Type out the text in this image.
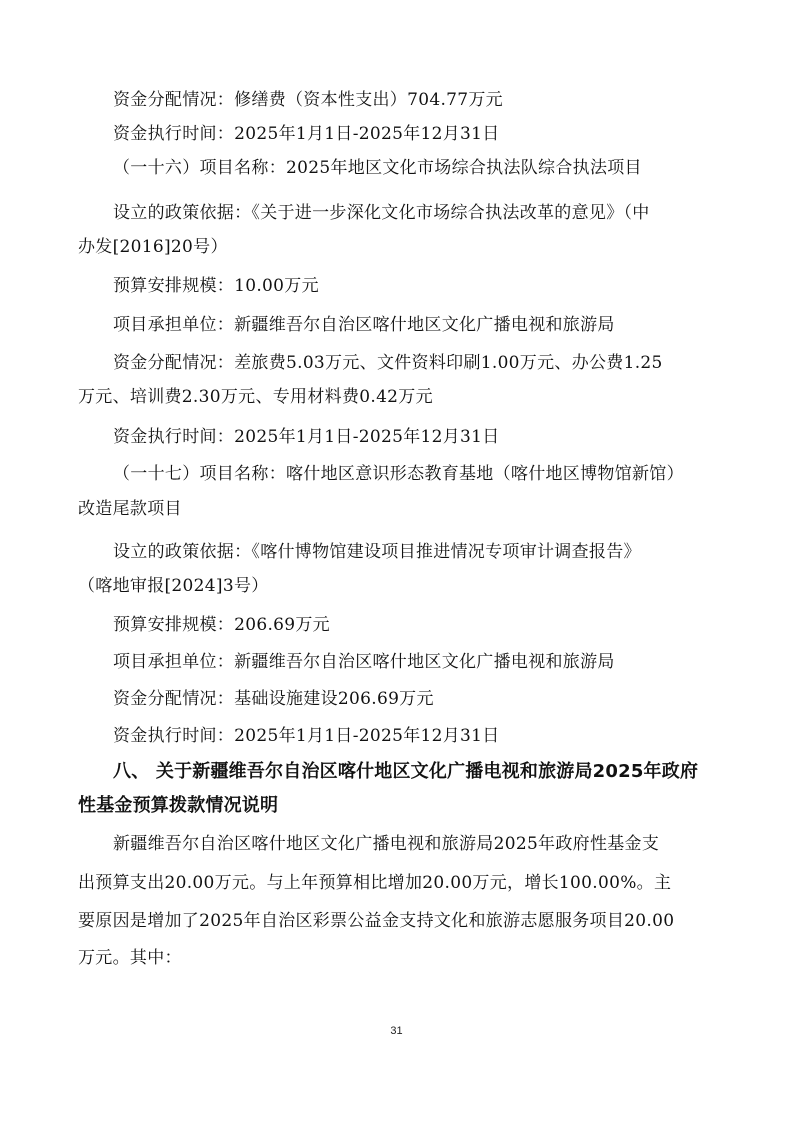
资金分配情况：修缮费（资本性支出）704.77万元
资金执行时间：2025年1月1日-2025年12月31日
（一十六）项目名称：2025年地区文化市场综合执法队综合执法项目
设立的政策依据：《关于进一步深化文化市场综合执法改革的意见》（中
办发[2016]20号）
预算安排规模：10.00万元
项目承担单位：新疆维吾尔自治区喀什地区文化广播电视和旅游局
资金分配情况：差旅费5.03万元、文件资料印刷1.00万元、办公费1.25
万元、培训费2.30万元、专用材料费0.42万元
资金执行时间：2025年1月1日-2025年12月31日
（一十七）项目名称：喀什地区意识形态教育基地（喀什地区博物馆新馆）
改造尾款项目
设立的政策依据：《喀什博物馆建设项目推进情况专项审计调查报告》
（喀地审报[2024]3号）
预算安排规模：206.69万元
项目承担单位：新疆维吾尔自治区喀什地区文化广播电视和旅游局
资金分配情况：基础设施建设206.69万元
资金执行时间：2025年1月1日-2025年12月31日
八、 关于新疆维吾尔自治区喀什地区文化广播电视和旅游局2025年政府
性基金预算拨款情况说明
新疆维吾尔自治区喀什地区文化广播电视和旅游局2025年政府性基金支
出预算支出20.00万元。与上年预算相比增加20.00万元，增长100.00%。主
要原因是增加了2025年自治区彩票公益金支持文化和旅游志愿服务项目20.00
万元。其中：
31
